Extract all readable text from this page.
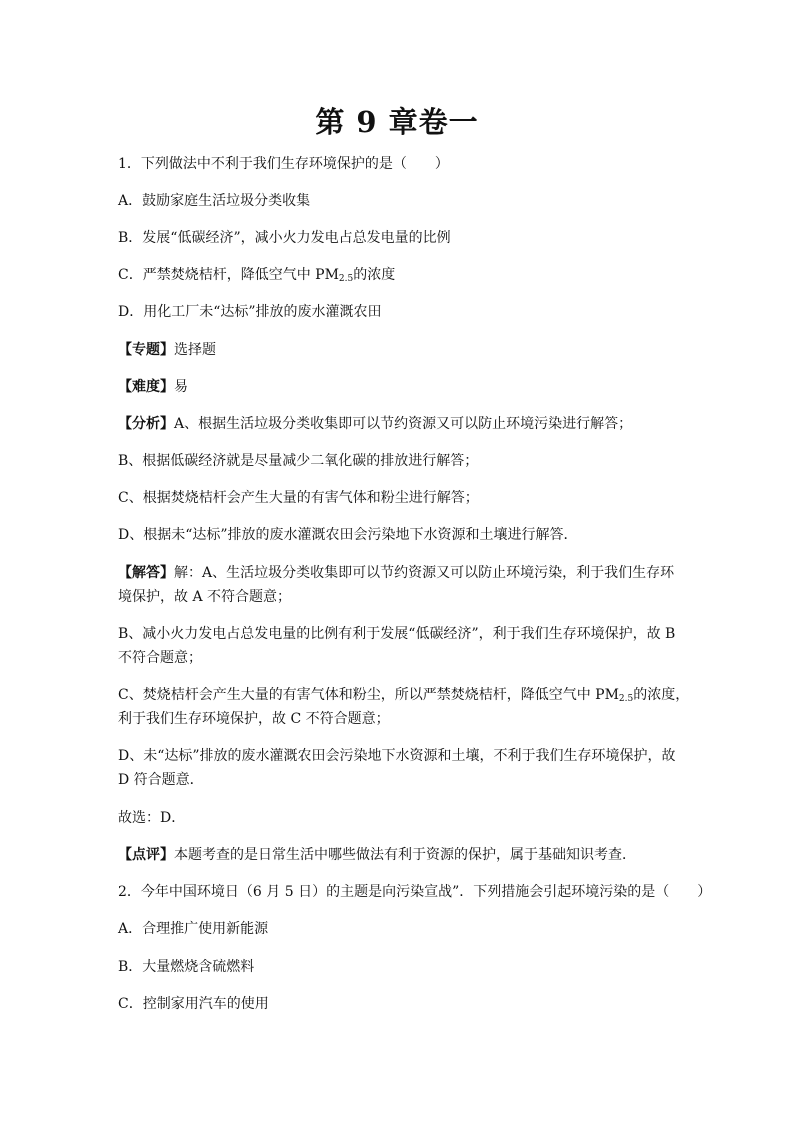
第 9 章卷一
1．下列做法中不利于我们生存环境保护的是（　　）
A．鼓励家庭生活垃圾分类收集
B．发展“低碳经济”，减小火力发电占总发电量的比例
C．严禁焚烧桔杆，降低空气中 $PM_{2.5}$的浓度
D．用化工厂未“达标”排放的废水灌溉农田
【专题】选择题
【难度】易
【分析】A、根据生活垃圾分类收集即可以节约资源又可以防止环境污染进行解答；
B、根据低碳经济就是尽量减少二氧化碳的排放进行解答；
C、根据焚烧桔杆会产生大量的有害气体和粉尘进行解答；
D、根据未“达标”排放的废水灌溉农田会污染地下水资源和土壤进行解答．
【解答】解：A、生活垃圾分类收集即可以节约资源又可以防止环境污染，利于我们生存环
境保护，故 A 不符合题意；
B、减小火力发电占总发电量的比例有利于发展“低碳经济”，利于我们生存环境保护，故 B
不符合题意；
C、焚烧桔杆会产生大量的有害气体和粉尘，所以严禁焚烧桔杆，降低空气中 $PM_{2.5}$的浓度，
利于我们生存环境保护，故 C 不符合题意；
D、未“达标”排放的废水灌溉农田会污染地下水资源和土壤，不利于我们生存环境保护，故
D 符合题意．
故选：D．
【点评】本题考查的是日常生活中哪些做法有利于资源的保护，属于基础知识考查．
2．今年中国环境日（6 月 5 日）的主题是向污染宣战”．下列措施会引起环境污染的是（　　）
A．合理推广使用新能源
B．大量燃烧含硫燃料
C．控制家用汽车的使用
